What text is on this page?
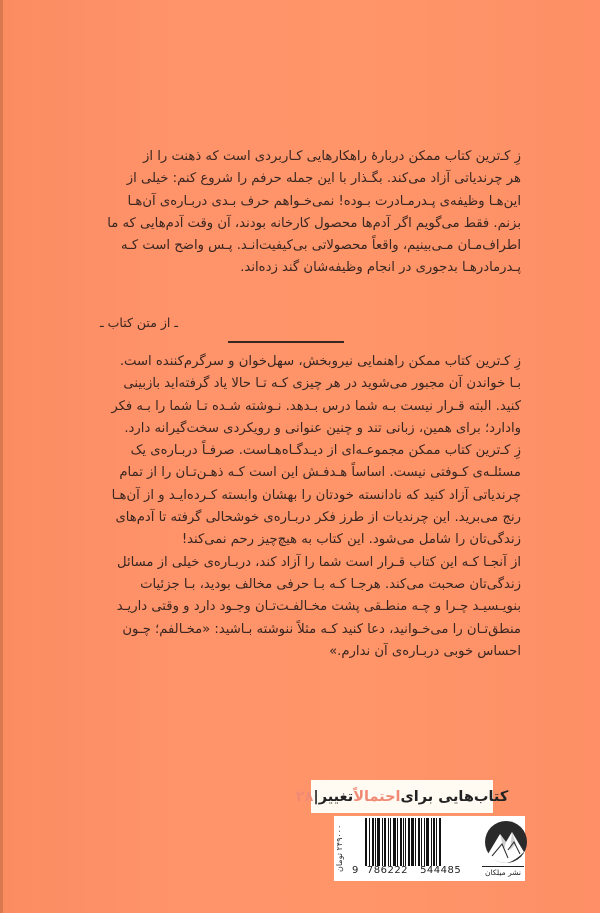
زِ کـ‌ترین کتاب ممکن دربارهٔ راهکارهایی کـاربردی است که ذهنت را از

هر چرندیاتی آزاد می‌کند. بگـذار با این جمله حرفم را شروع کنم: خیلی از

این‌هـا وظیفه‌ی پـدرمـادرت بـوده! نمی‌خـواهم حرف بـدی دربـاره‌ی آن‌هـا

بزنم. فقط می‌گویم اگر آدم‌ها محصول کارخانه بودند، آن وقت آدم‌هایی که ما

اطراف‌مـان مـی‌بینیم، واقعاً محصولاتی بی‌کیفیت‌انـد. پـس واضح است کـه

پـدرمادرهـا بدجوری در انجام وظیفه‌شان گند زده‌اند.

ـ از متن کتاب ـ

زِ کـ‌ترین کتاب ممکن راهنمایی نیروبخش، سهل‌خوان و سرگرم‌کننده است.

بـا خواندن آن مجبور می‌شوید در هر چیزی کـه تـا حالا یاد گرفته‌اید بازبینی

کنید. البته قـرار نیست بـه شما درس بـدهد. نـوشته شـده تـا شما را بـه فکر

وادارد؛ برای همین، زبانی تند و چنین عنوانی و رویکردی سخت‌گیرانه دارد.

زِ کـ‌ترین کتاب ممکن مجموعـه‌ای از دیـدگـاه‌هـاست. صرفـاً دربـاره‌ی یک

مسئلـه‌ی کـوفتی نیست. اساساً هـدفـش این است کـه ذهـن‌تـان را از تمام

چرندیاتی آزاد کنید که نادانسته خودتان را بهشان وابسته کـرده‌ایـد و از آن‌هـا

رنج می‌برید. این چرندیات از طرز فکر دربـاره‌ی خوشحالی گرفته تا آدم‌های

زندگی‌تان را شامل می‌شود. این کتاب به هیچ‌چیز رحم نمی‌کند!

از آنجـا کـه این کتاب قـرار است شما را آزاد کند، دربـاره‌ی خیلی از مسائل

زندگی‌تان صحبت می‌کند. هرجـا کـه بـا حرفی مخالف بودید، بـا جزئیات

بنویـسیـد چـرا و چـه منطـقی پشت مخـالفـت‌تـان وجـود دارد و وقتی داریـد

منطق‌تـان را می‌خـوانید، دعا کنید کـه مثلاً ننوشته بـاشید: «مخـالفم؛ چـون

احساس خوبی دربـاره‌ی آن ندارم.»

کتاب‌هایی برای
احتمالاً
تغییر
|
۲۸
۲۴۹۰۰۰ تومان
9 786222 544485	نشر میلکان
